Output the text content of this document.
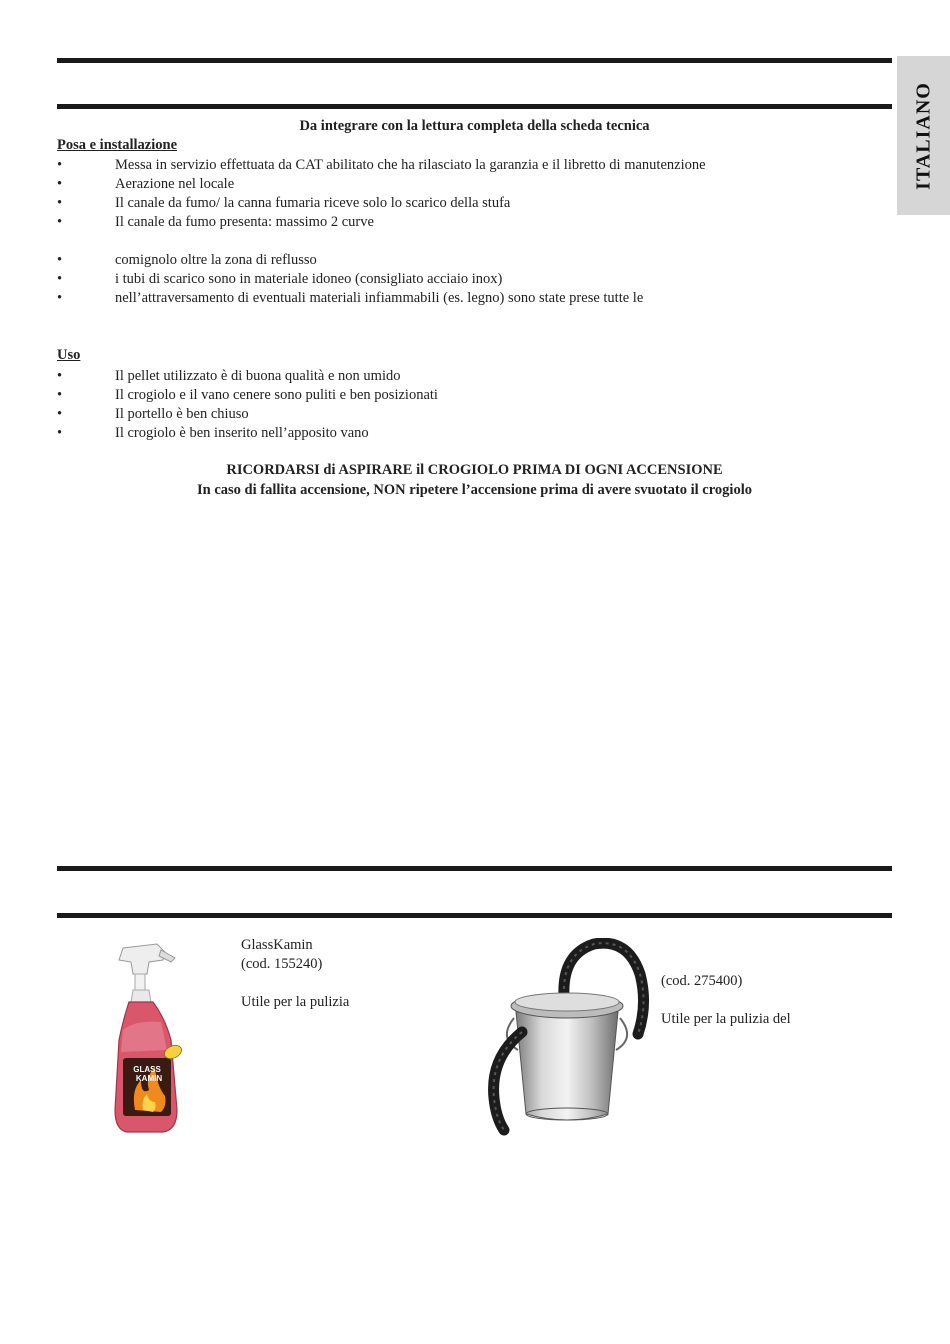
ITALIANO
Da integrare con la lettura completa della scheda tecnica
Posa e installazione
•	Messa in servizio effettuata da CAT abilitato che ha rilasciato la garanzia e il libretto di manutenzione
•	Aerazione nel locale
•	Il canale da fumo/ la canna fumaria riceve solo lo scarico della stufa
•	Il canale da fumo presenta: massimo 2 curve
•	comignolo oltre la zona di reflusso
•	i tubi di scarico sono in materiale idoneo (consigliato acciaio inox)
•	nell’attraversamento di eventuali materiali infiammabili (es. legno) sono state prese tutte le
Uso
•	Il pellet utilizzato è di buona qualità e non umido
•	Il crogiolo e il vano cenere sono puliti e ben posizionati
•	Il portello è ben chiuso
•	Il crogiolo è ben inserito nell’apposito vano
RICORDARSI di ASPIRARE il CROGIOLO PRIMA DI OGNI ACCENSIONE
In caso di fallita accensione, NON ripetere l’accensione prima di avere svuotato il crogiolo
GLASS
KAMIN
GlassKamin
(cod. 155240)
Utile per la pulizia
(cod. 275400)
Utile per la pulizia del
